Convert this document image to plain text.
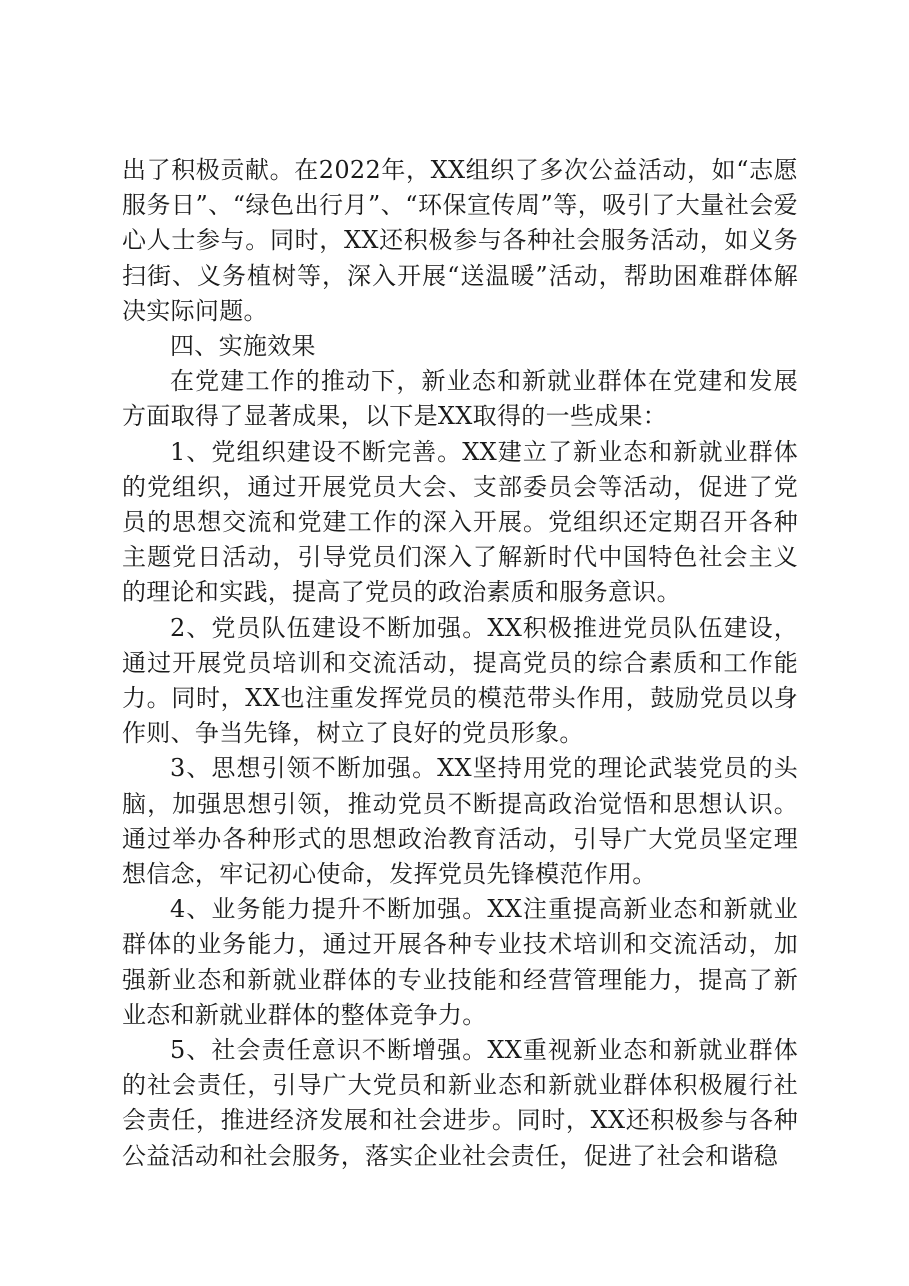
出了积极贡献。在2022年，XX组织了多次公益活动，如“志愿服务日”、“绿色出行月”、“环保宣传周”等，吸引了大量社会爱心人士参与。同时，XX还积极参与各种社会服务活动，如义务扫街、义务植树等，深入开展“送温暖”活动，帮助困难群体解决实际问题。

四、实施效果

在党建工作的推动下，新业态和新就业群体在党建和发展方面取得了显著成果，以下是XX取得的一些成果：

1、党组织建设不断完善。XX建立了新业态和新就业群体的党组织，通过开展党员大会、支部委员会等活动，促进了党员的思想交流和党建工作的深入开展。党组织还定期召开各种主题党日活动，引导党员们深入了解新时代中国特色社会主义的理论和实践，提高了党员的政治素质和服务意识。

2、党员队伍建设不断加强。XX积极推进党员队伍建设，通过开展党员培训和交流活动，提高党员的综合素质和工作能力。同时，XX也注重发挥党员的模范带头作用，鼓励党员以身作则、争当先锋，树立了良好的党员形象。

3、思想引领不断加强。XX坚持用党的理论武装党员的头脑，加强思想引领，推动党员不断提高政治觉悟和思想认识。通过举办各种形式的思想政治教育活动，引导广大党员坚定理想信念，牢记初心使命，发挥党员先锋模范作用。

4、业务能力提升不断加强。XX注重提高新业态和新就业群体的业务能力，通过开展各种专业技术培训和交流活动，加强新业态和新就业群体的专业技能和经营管理能力，提高了新业态和新就业群体的整体竞争力。

5、社会责任意识不断增强。XX重视新业态和新就业群体的社会责任，引导广大党员和新业态和新就业群体积极履行社会责任，推进经济发展和社会进步。同时，XX还积极参与各种公益活动和社会服务，落实企业社会责任，促进了社会和谐稳
